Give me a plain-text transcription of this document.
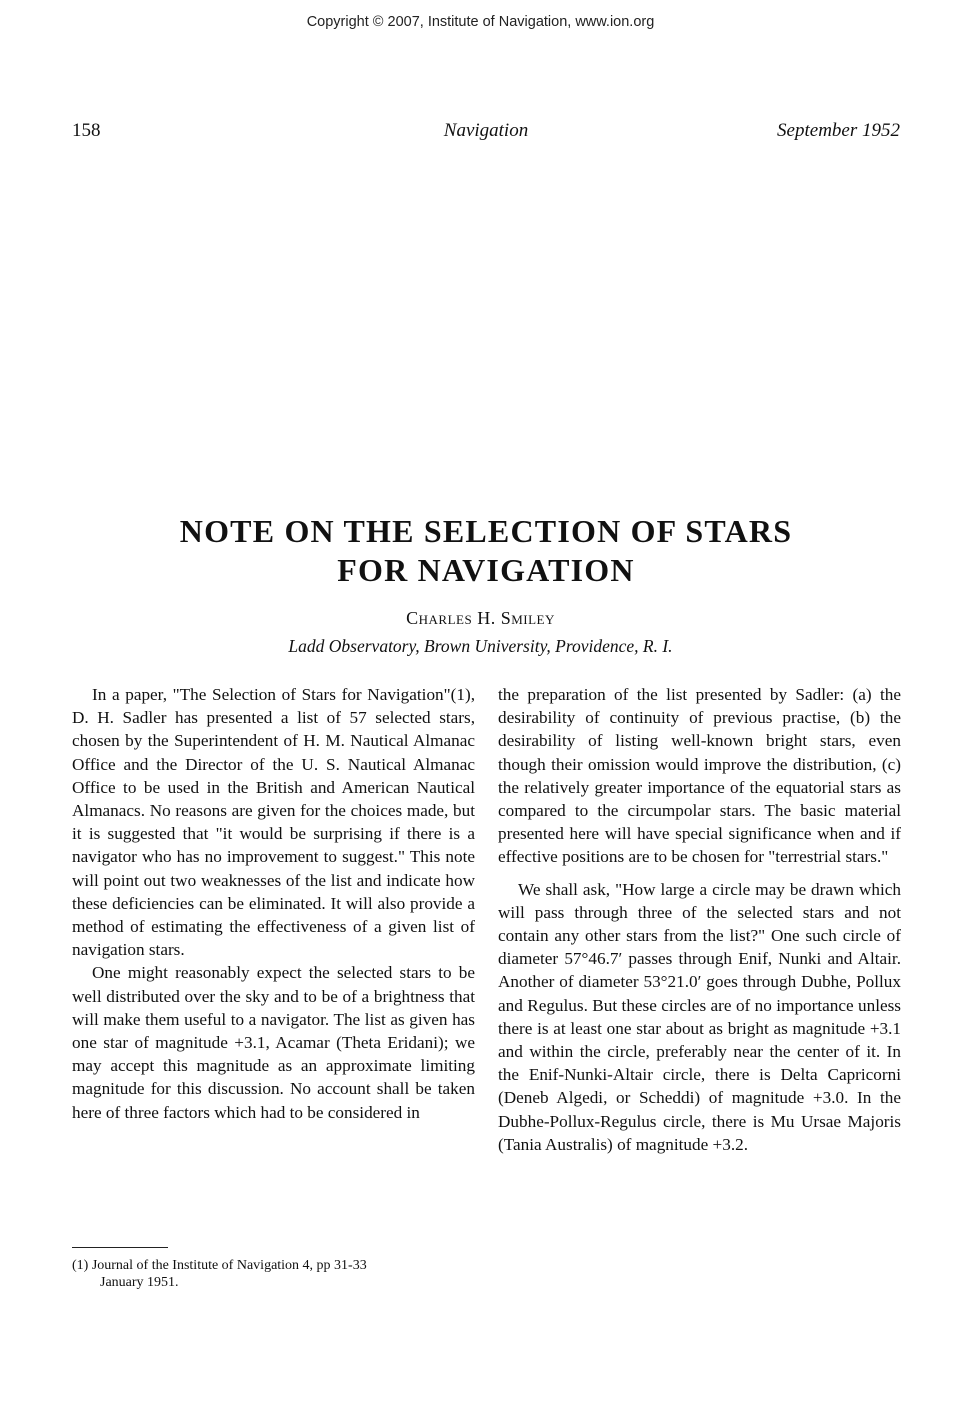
Copyright © 2007, Institute of Navigation, www.ion.org
158	Navigation	September 1952
NOTE ON THE SELECTION OF STARS
FOR NAVIGATION
Charles H. Smiley
Ladd Observatory, Brown University, Providence, R. I.

In a paper, "The Selection of Stars for Navigation"(1), D. H. Sadler has presented a list of 57 selected stars, chosen by the Superintendent of H. M. Nautical Almanac Office and the Director of the U. S. Nautical Almanac Office to be used in the British and American Nautical Almanacs. No reasons are given for the choices made, but it is suggested that "it would be surprising if there is a navigator who has no improvement to suggest." This note will point out two weaknesses of the list and indicate how these deficiencies can be eliminated. It will also provide a method of estimating the effectiveness of a given list of navigation stars.

One might reasonably expect the selected stars to be well distributed over the sky and to be of a brightness that will make them useful to a navigator. The list as given has one star of magnitude +3.1, Acamar (Theta Eridani); we may accept this magnitude as an approximate limiting magnitude for this discussion. No account shall be taken here of three factors which had to be considered in

the preparation of the list presented by Sadler: (a) the desirability of continuity of previous practise, (b) the desirability of listing well-known bright stars, even though their omission would improve the distribution, (c) the relatively greater importance of the equatorial stars as compared to the circumpolar stars. The basic material presented here will have special significance when and if effective positions are to be chosen for "terrestrial stars."

We shall ask, "How large a circle may be drawn which will pass through three of the selected stars and not contain any other stars from the list?" One such circle of diameter 57°46.7′ passes through Enif, Nunki and Altair. Another of diameter 53°21.0′ goes through Dubhe, Pollux and Regulus. But these circles are of no importance unless there is at least one star about as bright as magnitude +3.1 and within the circle, preferably near the center of it. In the Enif-Nunki-Altair circle, there is Delta Capricorni (Deneb Algedi, or Scheddi) of magnitude +3.0. In the Dubhe-Pollux-Regulus circle, there is Mu Ursae Majoris (Tania Australis) of magnitude +3.2.

(1) Journal of the Institute of Navigation 4, pp 31-33
January 1951.
